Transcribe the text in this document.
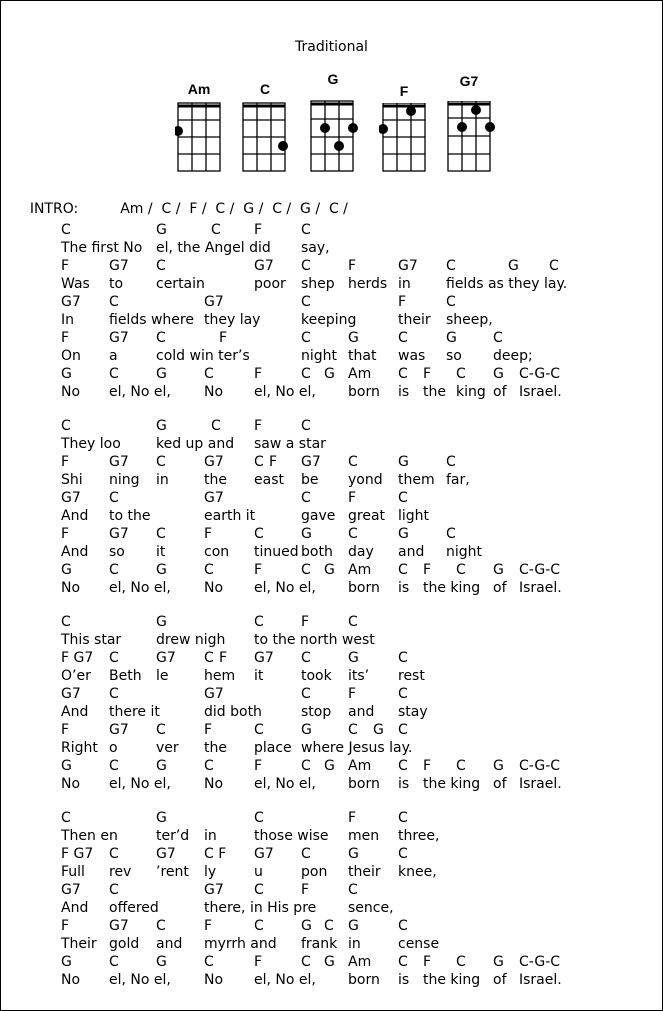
Traditional
Am	C
G
F
G7

INTRO:	Am /  C /  F /  C /  G /  C /  G /  C /

C	G	C F	C
The first No el, the Angel did say,
F	G7 C	G7 C	F	G7 C	G C
Was to certain	poor shep herds in	fields as they lay.
G7 C	G7	C	F	C
In fields where they lay	keeping	their sheep,
F	G7 C	F	C	G	C	G	C
On a	cold win ter’s	night that was so deep;
G	C	G	C	F	C G Am C F C G C-G-C
No el, No el, No el, No el, born is the king of Israel.
C	G	C F	C
They loo	ked up and saw a star
F	G7 C	G7 C F G7 C	G	C
Shi ning in	the east be yond them far,
G7 C	G7	C	F	C
And to the	earth it	gave great light
F	G7 C	F	C	G	C	G	C
And so it	con tinued both day and night
G	C	G	C	F	C G Am C F C G C-G-C
No el, No el, No el, No el, born is the king of Israel.
C	G	C	F	C
This star drew nigh to the north west
F G7 C	G7 C F G7 C	G	C
O’er Beth le	hem it	took its’ rest
G7 C	G7	C	F	C
And there it	did both	stop and stay
F	G7 C	F	C	G	C G C
Right o	ver the place where Jesus lay.
G	C	G	C	F	C G Am C F C G C-G-C
No el, No el, No el, No el, born is the king of Israel.
C	G	C	F	C
Then en	ter’d in	those wise men three,
F G7 C	G7 C F G7 C	G	C
Full rev ’rent ly	u	pon their knee,
G7 C	G7 C	F	C
And offered	there, in His pre sence,
F	G7 C	F	C	G C G	C
Their gold and myrrh and frank in	cense
G	C	G	C	F	C G Am C F C G C-G-C
No el, No el, No el, No el, born is the king of Israel.
